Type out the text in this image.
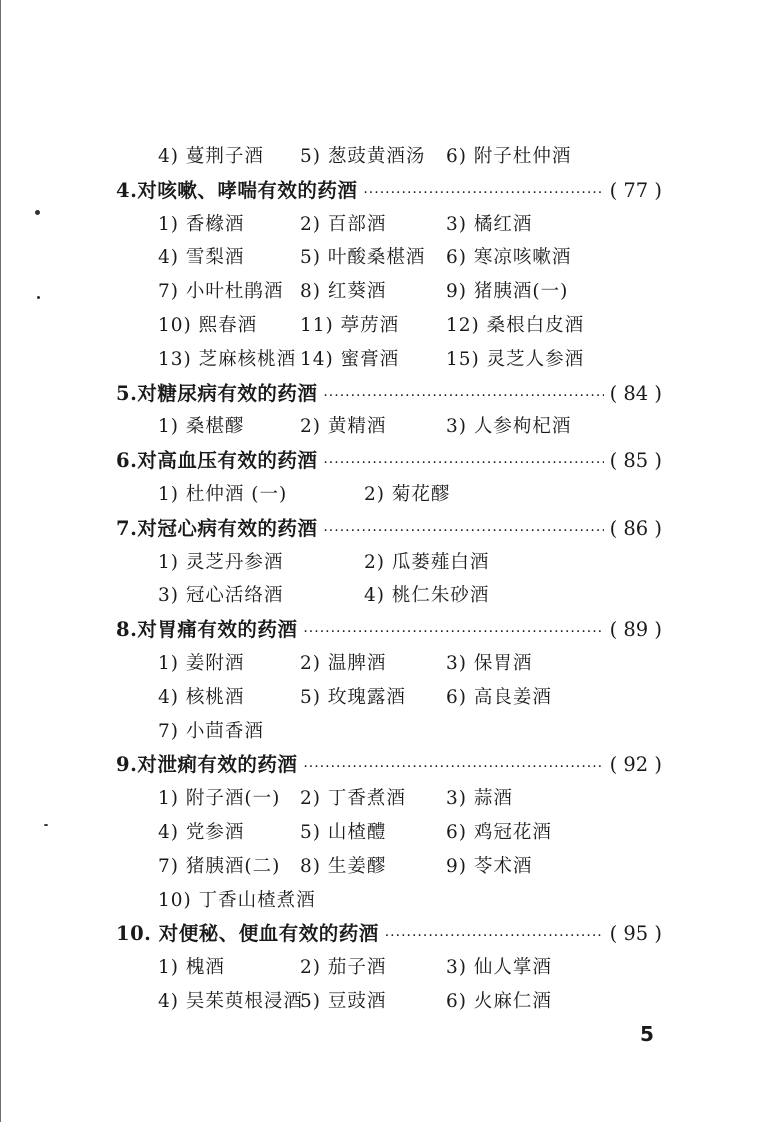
4) 蔓荆子酒 5) 葱豉黄酒汤 6) 附子杜仲酒
4.对咳嗽、哮喘有效的药酒 ·····	( 77 )
1) 香橼酒	2) 百部酒	3) 橘红酒
4) 雪梨酒	5) 叶酸桑椹酒 6) 寒凉咳嗽酒
7) 小叶杜鹃酒 8) 红葵酒	9) 猪胰酒(一)
10) 熙春酒 11) 葶苈酒	12) 桑根白皮酒
13) 芝麻核桃酒 14) 蜜膏酒	15) 灵芝人参酒
5.对糖尿病有效的药酒 ·····	( 84 )
1) 桑椹醪	2) 黄精酒	3) 人参枸杞酒
6.对高血压有效的药酒 ·····	( 85 )
1) 杜仲酒 (一)	2) 菊花醪
7.对冠心病有效的药酒 ·····	( 86 )
1) 灵芝丹参酒	2) 瓜蒌薤白酒
3) 冠心活络酒	4) 桃仁朱砂酒
8.对胃痛有效的药酒 ·····	( 89 )
1) 姜附酒	2) 温脾酒	3) 保胃酒
4) 核桃酒	5) 玫瑰露酒 6) 高良姜酒
7) 小茴香酒
9.对泄痢有效的药酒 ·····	( 92 )
1) 附子酒(一) 2) 丁香煮酒 3) 蒜酒
4) 党参酒	5) 山楂醴	6) 鸡冠花酒
7) 猪胰酒(二) 8) 生姜醪	9) 苓术酒
10) 丁香山楂煮酒
10. 对便秘、便血有效的药酒 ·····	( 95 )
1) 槐酒	2) 茄子酒	3) 仙人掌酒
4) 吴茱萸根浸酒5) 豆豉酒	6) 火麻仁酒
5
